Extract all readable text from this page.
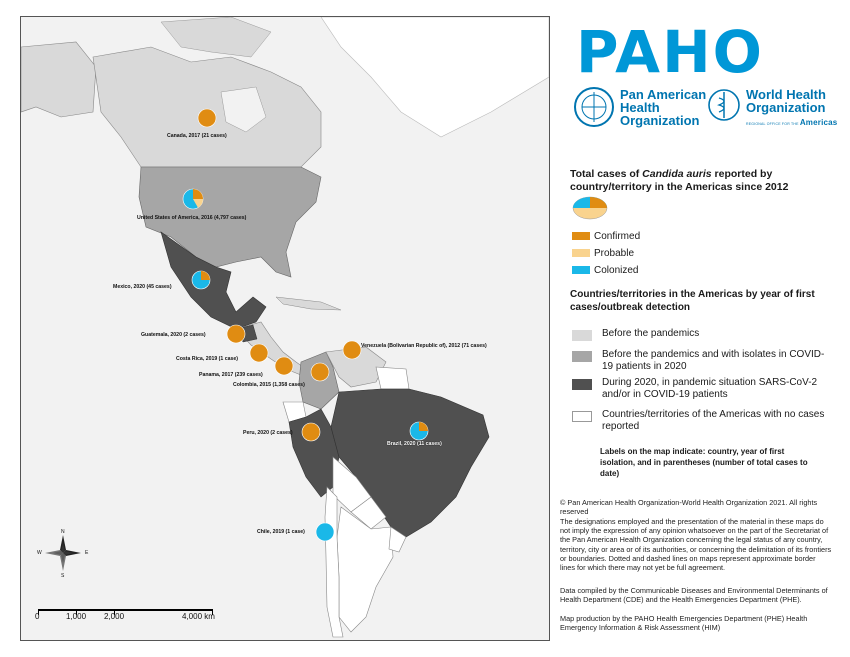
Canada, 2017 (21 cases)
United States of America, 2016 (4,797 cases)
Mexico, 2020 (45 cases)
Guatemala, 2020 (2 cases)
Costa Rica, 2019 (1 case)
Panama, 2017 (239 cases)
Colombia, 2015 (1,358 cases)
Venezuela (Bolivarian Republic of), 2012 (71 cases)
Peru, 2020 (2 cases)
Brazil, 2020 (11 cases)
Chile, 2019 (1 case)
N
S
E
W
0	1,000 2,000	4,000 km
PAHO
Pan American
Health
Organization
World Health
Organization
REGIONAL OFFICE FOR THE Americas
Total cases of Candida auris reported by country/territory in the Americas since 2012
Confirmed
Probable
Colonized
Countries/territories in the Americas by year of first cases/outbreak detection
Before the pandemics
Before the pandemics and with isolates in COVID-19 patients in 2020
During 2020, in pandemic situation SARS-CoV-2 and/or in COVID-19 patients
Countries/territories of the Americas with no cases reported
Labels on the map indicate: country, year of first isolation, and in parentheses (number of total cases to date)
© Pan American Health Organization-World Health Organization 2021. All rights reserved
The designations employed and the presentation of the material in these maps do not imply the expression of any opinion whatsoever on the part of the Secretariat of the Pan American Health Organization concerning the legal status of any country, territory, city or area or of its authorities, or concerning the delimitation of its frontiers or boundaries. Dotted and dashed lines on maps represent approximate border lines for which there may not yet be full agreement.
Data compiled by the Communicable Diseases and Environmental Determinants of Health Department (CDE) and the Health Emergencies Department (PHE).
Map production by the PAHO Health Emergencies Department (PHE) Health Emergency Information & Risk Assessment (HIM)
